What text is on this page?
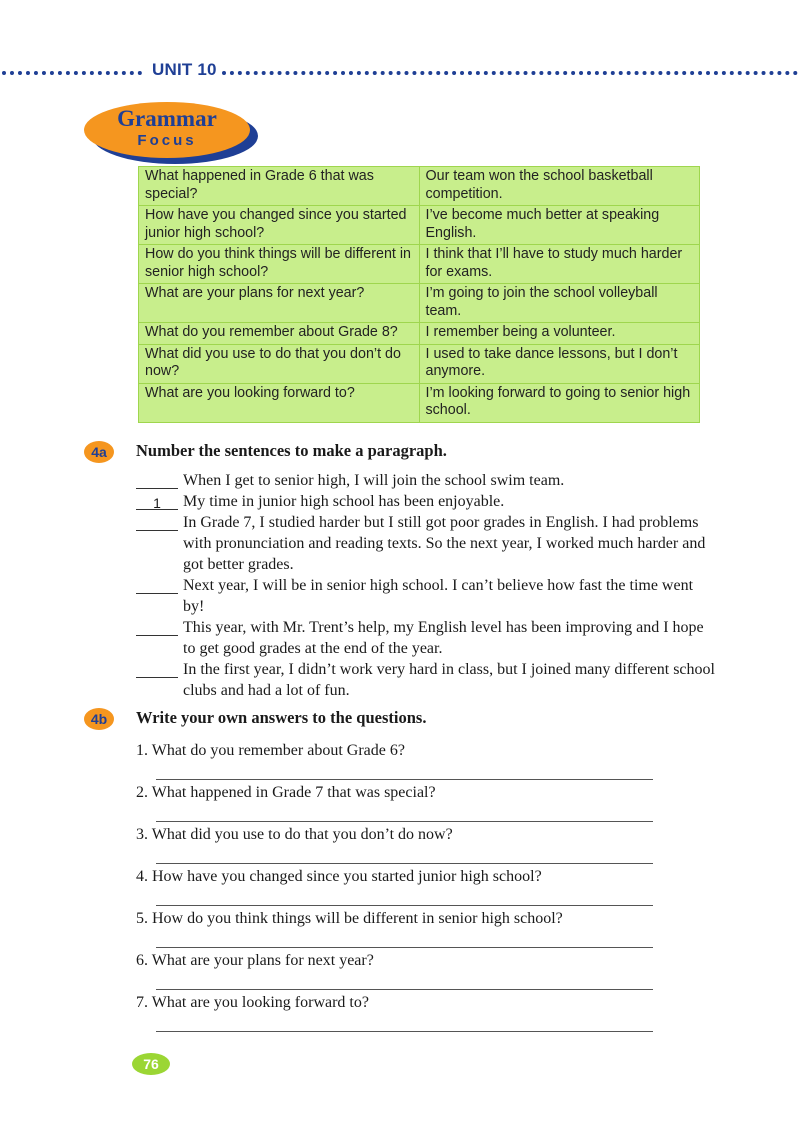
UNIT 10
Grammar
Focus
What happened in Grade 6 that was special?	Our team won the school basketball competition.
How have you changed since you started junior high school?	I’ve become much better at speaking English.
How do you think things will be different in senior high school?	I think that I’ll have to study much harder for exams.
What are your plans for next year?	I’m going to join the school volleyball team.
What do you remember about Grade 8?	I remember being a volunteer.
What did you use to do that you don’t do now?	I used to take dance lessons, but I don’t anymore.
What are you looking forward to?	I’m looking forward to going to senior high school.
4a	Number the sentences to make a paragraph.
When I get to senior high, I will join the school swim team.
1	My time in junior high school has been enjoyable.
In Grade 7, I studied harder but I still got poor grades in English. I had problems with pronunciation and reading texts. So the next year, I worked much harder and got better grades.
Next year, I will be in senior high school. I can’t believe how fast the time went by!
This year, with Mr. Trent’s help, my English level has been improving and I hope to get good grades at the end of the year.
In the first year, I didn’t work very hard in class, but I joined many different school clubs and had a lot of fun.
4b	Write your own answers to the questions.
1. What do you remember about Grade 6?
2. What happened in Grade 7 that was special?
3. What did you use to do that you don’t do now?
4. How have you changed since you started junior high school?
5. How do you think things will be different in senior high school?
6. What are your plans for next year?
7. What are you looking forward to?
76
